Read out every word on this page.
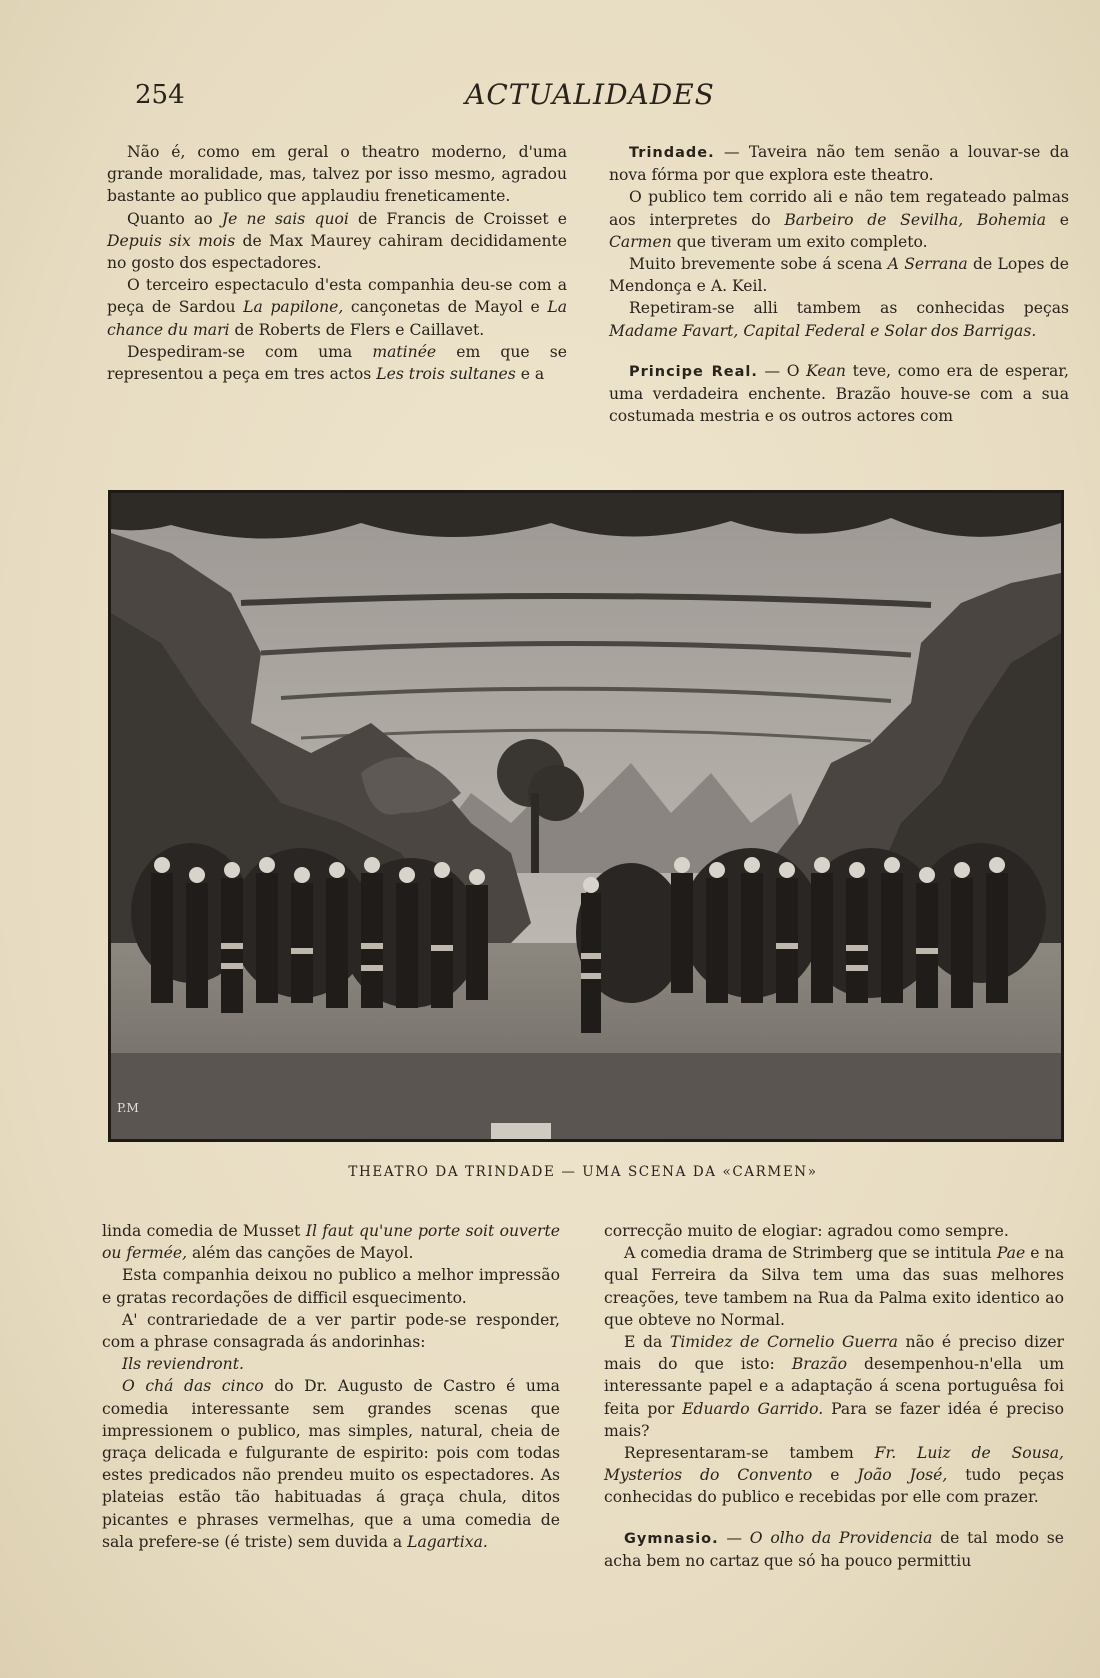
254	ACTUALIDADES

Não é, como em geral o theatro moderno, d'uma grande moralidade, mas, talvez por isso mesmo, agradou bastante ao publico que applaudiu freneticamente.

Quanto ao Je ne sais quoi de Francis de Croisset e Depuis six mois de Max Maurey cahiram decididamente no gosto dos espectadores.

O terceiro espectaculo d'esta companhia deu-se com a peça de Sardou La papilone, cançonetas de Mayol e La chance du mari de Roberts de Flers e Caillavet.

Despediram-se com uma matinée em que se representou a peça em tres actos Les trois sultanes e a

Trindade. — Taveira não tem senão a louvar-se da nova fórma por que explora este theatro.

O publico tem corrido ali e não tem regateado palmas aos interpretes do Barbeiro de Sevilha, Bohemia e Carmen que tiveram um exito completo.

Muito brevemente sobe á scena A Serrana de Lopes de Mendonça e A. Keil.

Repetiram-se alli tambem as conhecidas peças Madame Favart, Capital Federal e Solar dos Barrigas.

Principe Real. — O Kean teve, como era de esperar, uma verdadeira enchente. Brazão houve-se com a sua costumada mestria e os outros actores com

P.M
THEATRO DA TRINDADE — UMA SCENA DA «CARMEN»

linda comedia de Musset Il faut qu'une porte soit ouverte ou fermée, além das canções de Mayol.

Esta companhia deixou no publico a melhor impressão e gratas recordações de difficil esquecimento.

A' contrariedade de a ver partir pode-se responder, com a phrase consagrada ás andorinhas:

Ils reviendront.

O chá das cinco do Dr. Augusto de Castro é uma comedia interessante sem grandes scenas que impressionem o publico, mas simples, natural, cheia de graça delicada e fulgurante de espirito: pois com todas estes predicados não prendeu muito os espectadores. As plateias estão tão habituadas á graça chula, ditos picantes e phrases vermelhas, que a uma comedia de sala prefere-se (é triste) sem duvida a Lagartixa.

correcção muito de elogiar: agradou como sempre.

A comedia drama de Strimberg que se intitula Pae e na qual Ferreira da Silva tem uma das suas melhores creações, teve tambem na Rua da Palma exito identico ao que obteve no Normal.

E da Timidez de Cornelio Guerra não é preciso dizer mais do que isto: Brazão desempenhou-n'ella um interessante papel e a adaptação á scena portuguêsa foi feita por Eduardo Garrido. Para se fazer idéa é preciso mais?

Representaram-se tambem Fr. Luiz de Sousa, Mysterios do Convento e João José, tudo peças conhecidas do publico e recebidas por elle com prazer.

Gymnasio. — O olho da Providencia de tal modo se acha bem no cartaz que só ha pouco permittiu
